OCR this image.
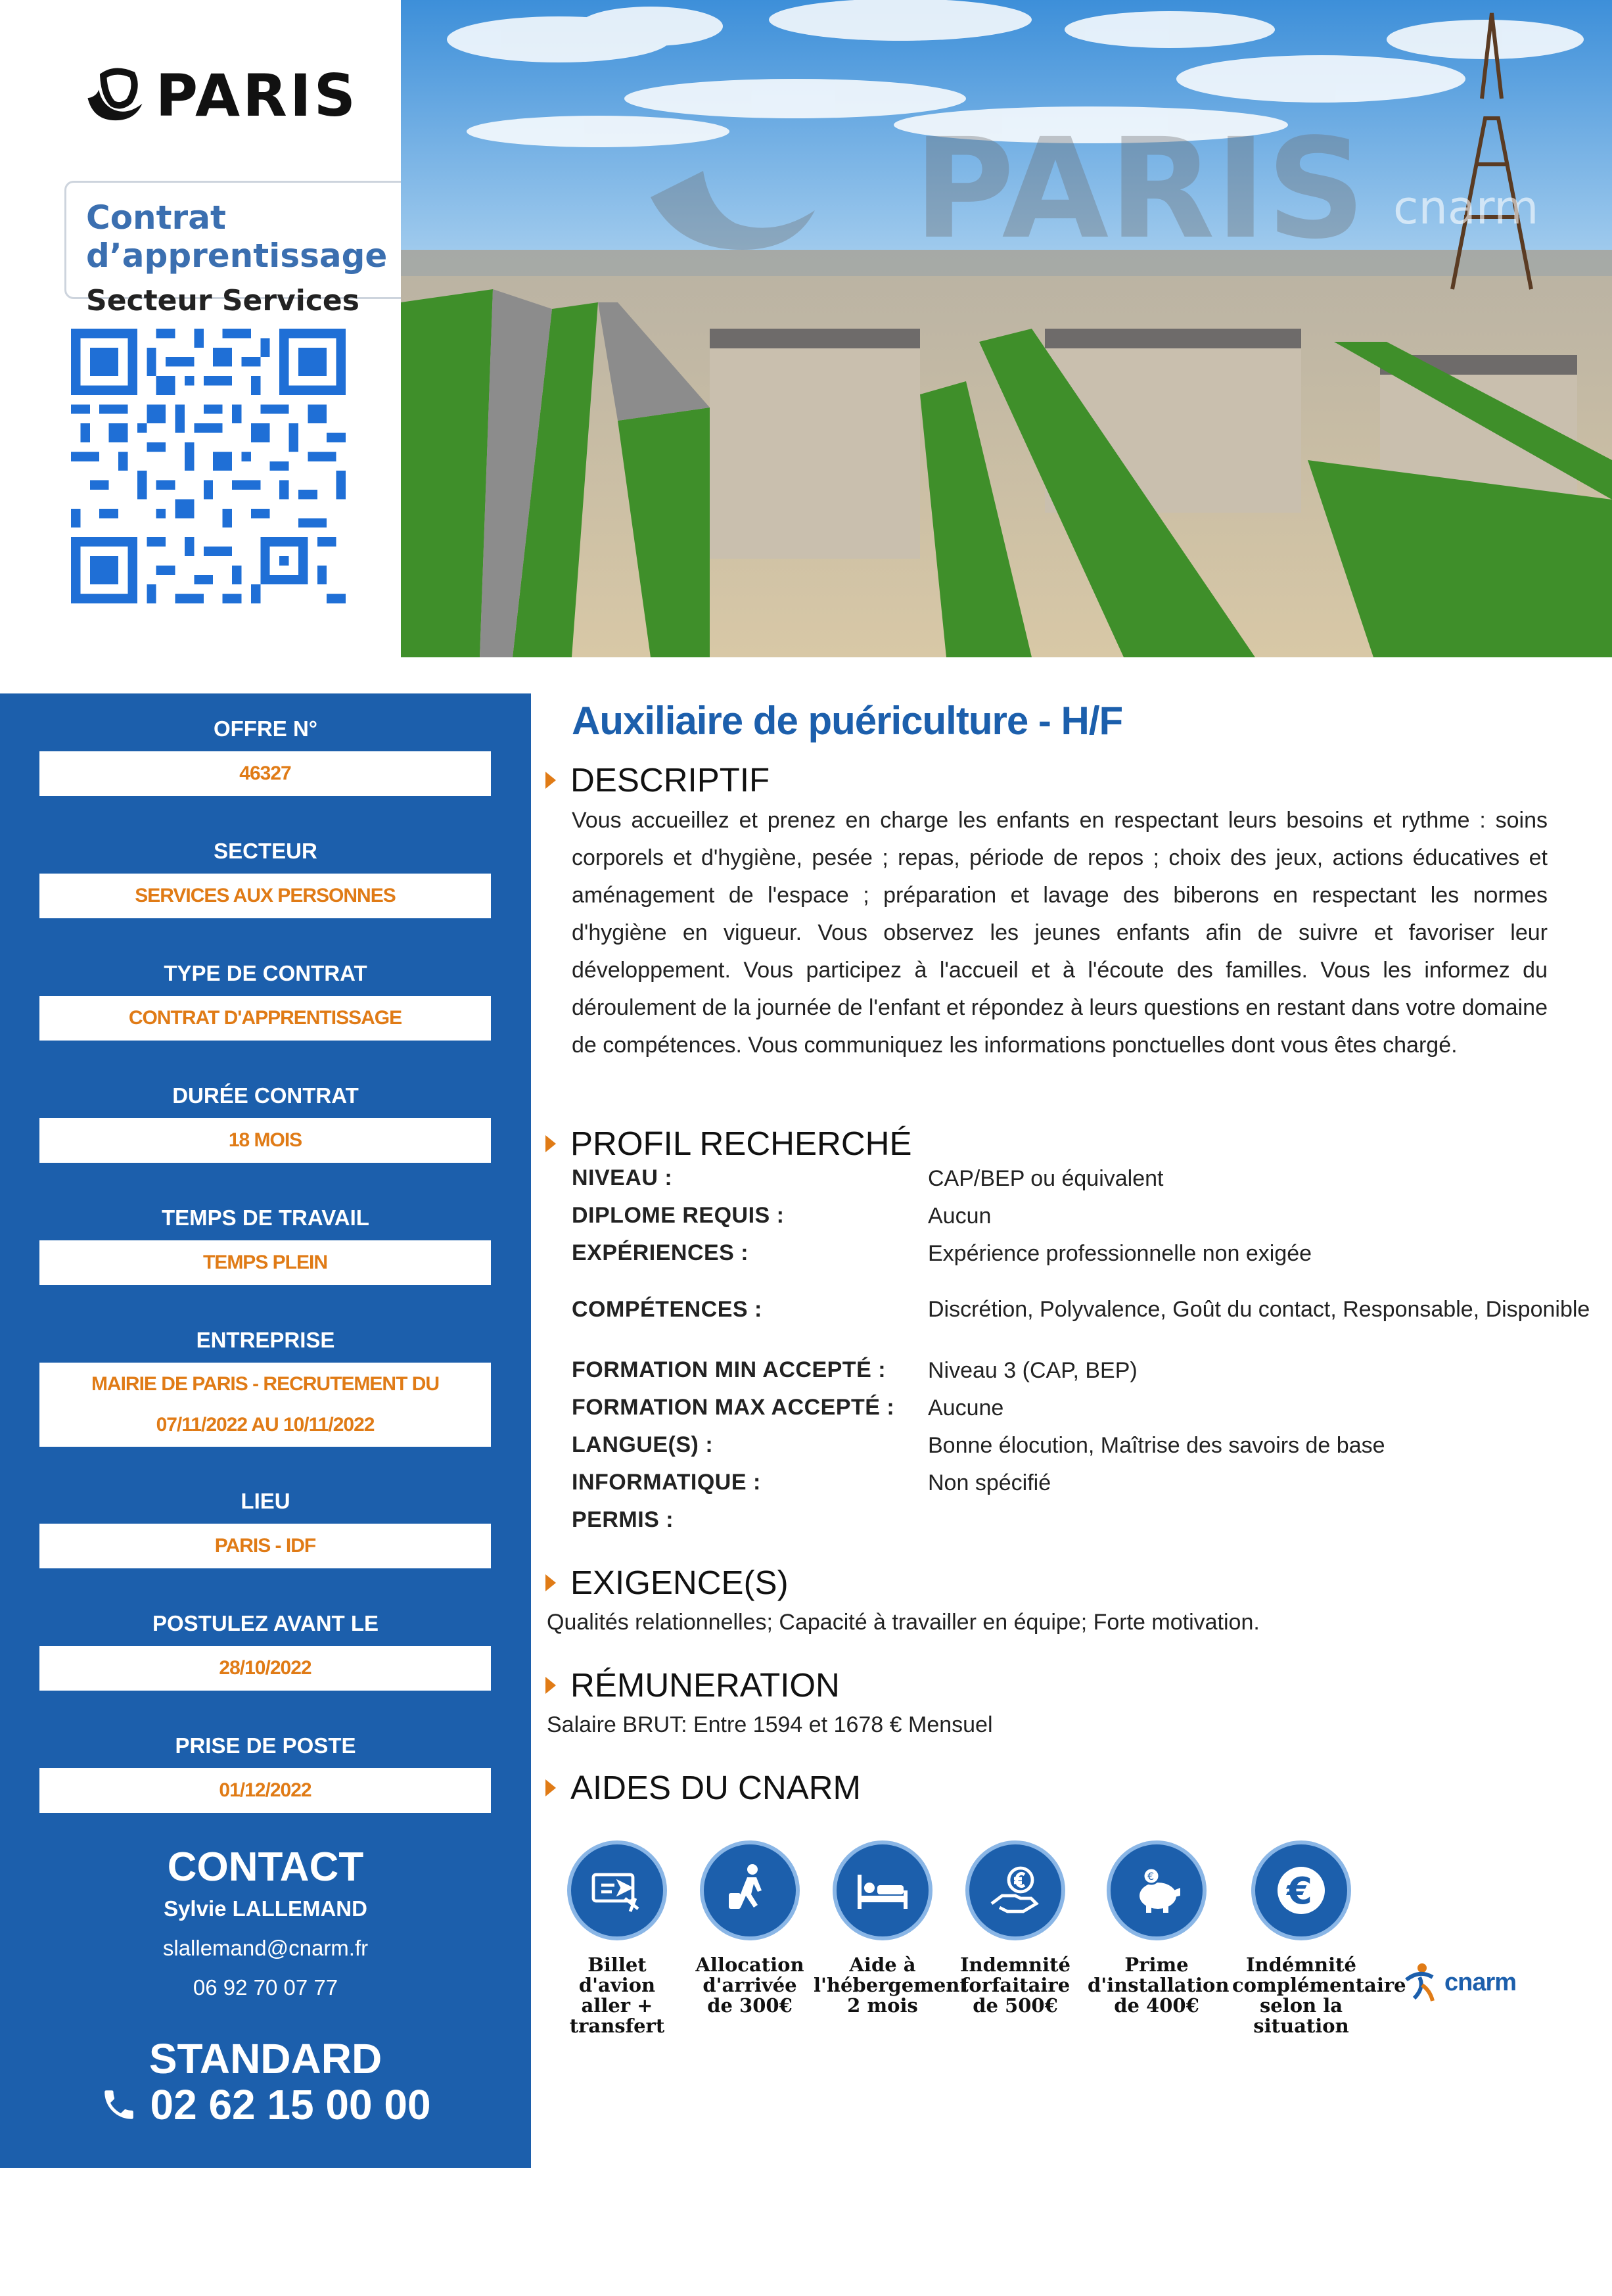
PARIS
Contrat d’apprentissage
Secteur Services
PARIS cnarm
OFFRE N°
46327
SECTEUR
SERVICES AUX PERSONNES
TYPE DE CONTRAT
CONTRAT D'APPRENTISSAGE
DURÉE CONTRAT
18 MOIS
TEMPS DE TRAVAIL
TEMPS PLEIN
ENTREPRISE
MAIRIE DE PARIS - RECRUTEMENT DU
07/11/2022 AU 10/11/2022
LIEU
PARIS - IDF
POSTULEZ AVANT LE
28/10/2022
PRISE DE POSTE
01/12/2022
CONTACT
Sylvie LALLEMAND
slallemand@cnarm.fr
06 92 70 07 77
STANDARD
02 62 15 00 00
Auxiliaire de puériculture - H/F
DESCRIPTIF
Vous accueillez et prenez en charge les enfants en respectant leurs besoins et rythme : soins corporels et d'hygiène, pesée ; repas, période de repos ; choix des jeux, actions éducatives et aménagement de l'espace ; préparation et lavage des biberons en respectant les normes d'hygiène en vigueur. Vous observez les jeunes enfants afin de suivre et favoriser leur développement. Vous participez à l'accueil et à l'écoute des familles. Vous les informez du déroulement de la journée de l'enfant et répondez à leurs questions en restant dans votre domaine de compétences. Vous communiquez les informations ponctuelles dont vous êtes chargé.
PROFIL RECHERCHÉ
NIVEAU :	CAP/BEP ou équivalent
DIPLOME REQUIS :	Aucun
EXPÉRIENCES :	Expérience professionnelle non exigée
COMPÉTENCES :	Discrétion, Polyvalence, Goût du contact, Responsable, Disponible
FORMATION MIN ACCEPTÉ :	Niveau 3 (CAP, BEP)
FORMATION MAX ACCEPTÉ :	Aucune
LANGUE(S) :	Bonne élocution, Maîtrise des savoirs de base
INFORMATIQUE :	Non spécifié
PERMIS :
EXIGENCE(S)
Qualités relationnelles; Capacité à travailler en équipe; Forte motivation.
RÉMUNERATION
Salaire BRUT: Entre 1594 et 1678 € Mensuel
AIDES DU CNARM
Billet d'avion
aller +
transfert
Allocation
d'arrivée
de 300€
Aide à
l'hébergement
2 mois
Indemnité
forfaitaire
de 500€
€
Prime
d'installation
de 400€
€
Indémnité
complémentaire
selon la situation
cnarm
